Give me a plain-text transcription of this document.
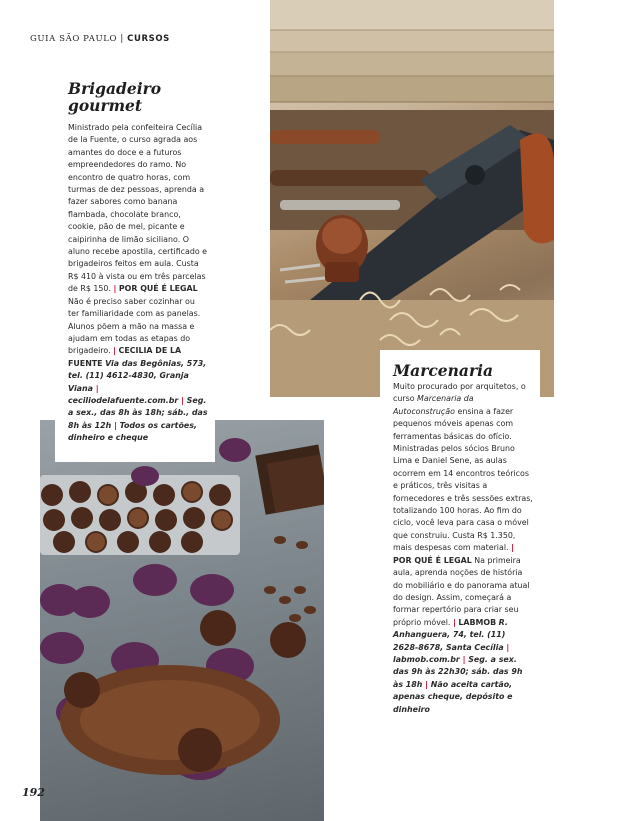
GUIA SÃO PAULO | CURSOS
Brigadeiro gourmet

Ministrado pela confeiteira Cecília de la Fuente, o curso agrada aos amantes do doce e a futuros empreendedores do ramo. No encontro de quatro horas, com turmas de dez pessoas, aprenda a fazer sabores como banana flambada, chocolate branco, cookie, pão de mel, picante e caipirinha de limão siciliano. O aluno recebe apostila, certificado e brigadeiros feitos em aula. Custa R$ 410 à vista ou em três parcelas de R$ 150. | POR QUÉ É LEGAL Não é preciso saber cozinhar ou ter familiaridade com as panelas. Alunos põem a mão na massa e ajudam em todas as etapas do brigadeiro. | CECILIA DE LA FUENTE Via das Begônias, 573, tel. (11) 4612-4830, Granja Viana | ceciliodelafuente.com.br | Seg. a sex., das 8h às 18h; sáb., das 8h às 12h | Todos os cartões, dinheiro e cheque

Marcenaria

Muito procurado por arquitetos, o curso Marcenaria da Autoconstrução ensina a fazer pequenos móveis apenas com ferramentas básicas do ofício. Ministradas pelos sócios Bruno Lima e Daniel Sene, as aulas ocorrem em 14 encontros teóricos e práticos, três visitas a fornecedores e três sessões extras, totalizando 100 horas. Ao fim do ciclo, você leva para casa o móvel que construiu. Custa R$ 1.350, mais despesas com material. | POR QUÉ É LEGAL Na primeira aula, aprenda noções de história do mobiliário e do panorama atual do design. Assim, começará a formar repertório para criar seu próprio móvel. | LABMOB R. Anhanguera, 74, tel. (11) 2628-8678, Santa Cecília | labmob.com.br | Seg. a sex. das 9h às 22h30; sáb. das 9h às 18h | Não aceita cartão, apenas cheque, depósito e dinheiro

192
